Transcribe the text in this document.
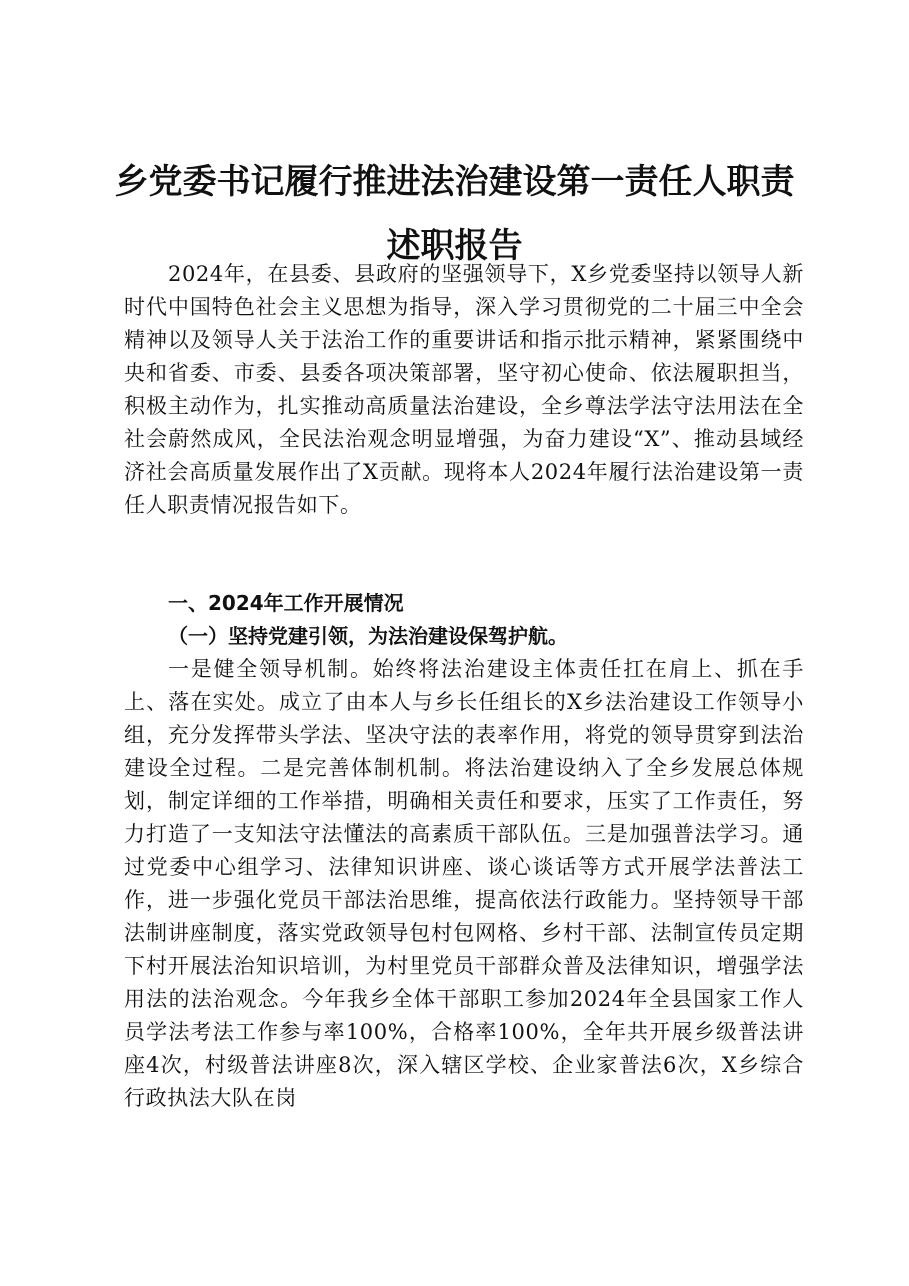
乡党委书记履行推进法治建设第一责任人职责
述职报告

2024年，在县委、县政府的坚强领导下，X乡党委坚持以领导人新时代中国特色社会主义思想为指导，深入学习贯彻党的二十届三中全会精神以及领导人关于法治工作的重要讲话和指示批示精神，紧紧围绕中央和省委、市委、县委各项决策部署，坚守初心使命、依法履职担当，积极主动作为，扎实推动高质量法治建设，全乡尊法学法守法用法在全社会蔚然成风，全民法治观念明显增强，为奋力建设“X”、推动县域经济社会高质量发展作出了X贡献。现将本人2024年履行法治建设第一责任人职责情况报告如下。

一、2024年工作开展情况
（一）坚持党建引领，为法治建设保驾护航。

一是健全领导机制。始终将法治建设主体责任扛在肩上、抓在手上、落在实处。成立了由本人与乡长任组长的X乡法治建设工作领导小组，充分发挥带头学法、坚决守法的表率作用，将党的领导贯穿到法治建设全过程。二是完善体制机制。将法治建设纳入了全乡发展总体规划，制定详细的工作举措，明确相关责任和要求，压实了工作责任，努力打造了一支知法守法懂法的高素质干部队伍。三是加强普法学习。通过党委中心组学习、法律知识讲座、谈心谈话等方式开展学法普法工作，进一步强化党员干部法治思维，提高依法行政能力。坚持领导干部法制讲座制度，落实党政领导包村包网格、乡村干部、法制宣传员定期下村开展法治知识培训，为村里党员干部群众普及法律知识，增强学法用法的法治观念。今年我乡全体干部职工参加2024年全县国家工作人员学法考法工作参与率100%，合格率100%，全年共开展乡级普法讲座4次，村级普法讲座8次，深入辖区学校、企业家普法6次，X乡综合行政执法大队在岗
